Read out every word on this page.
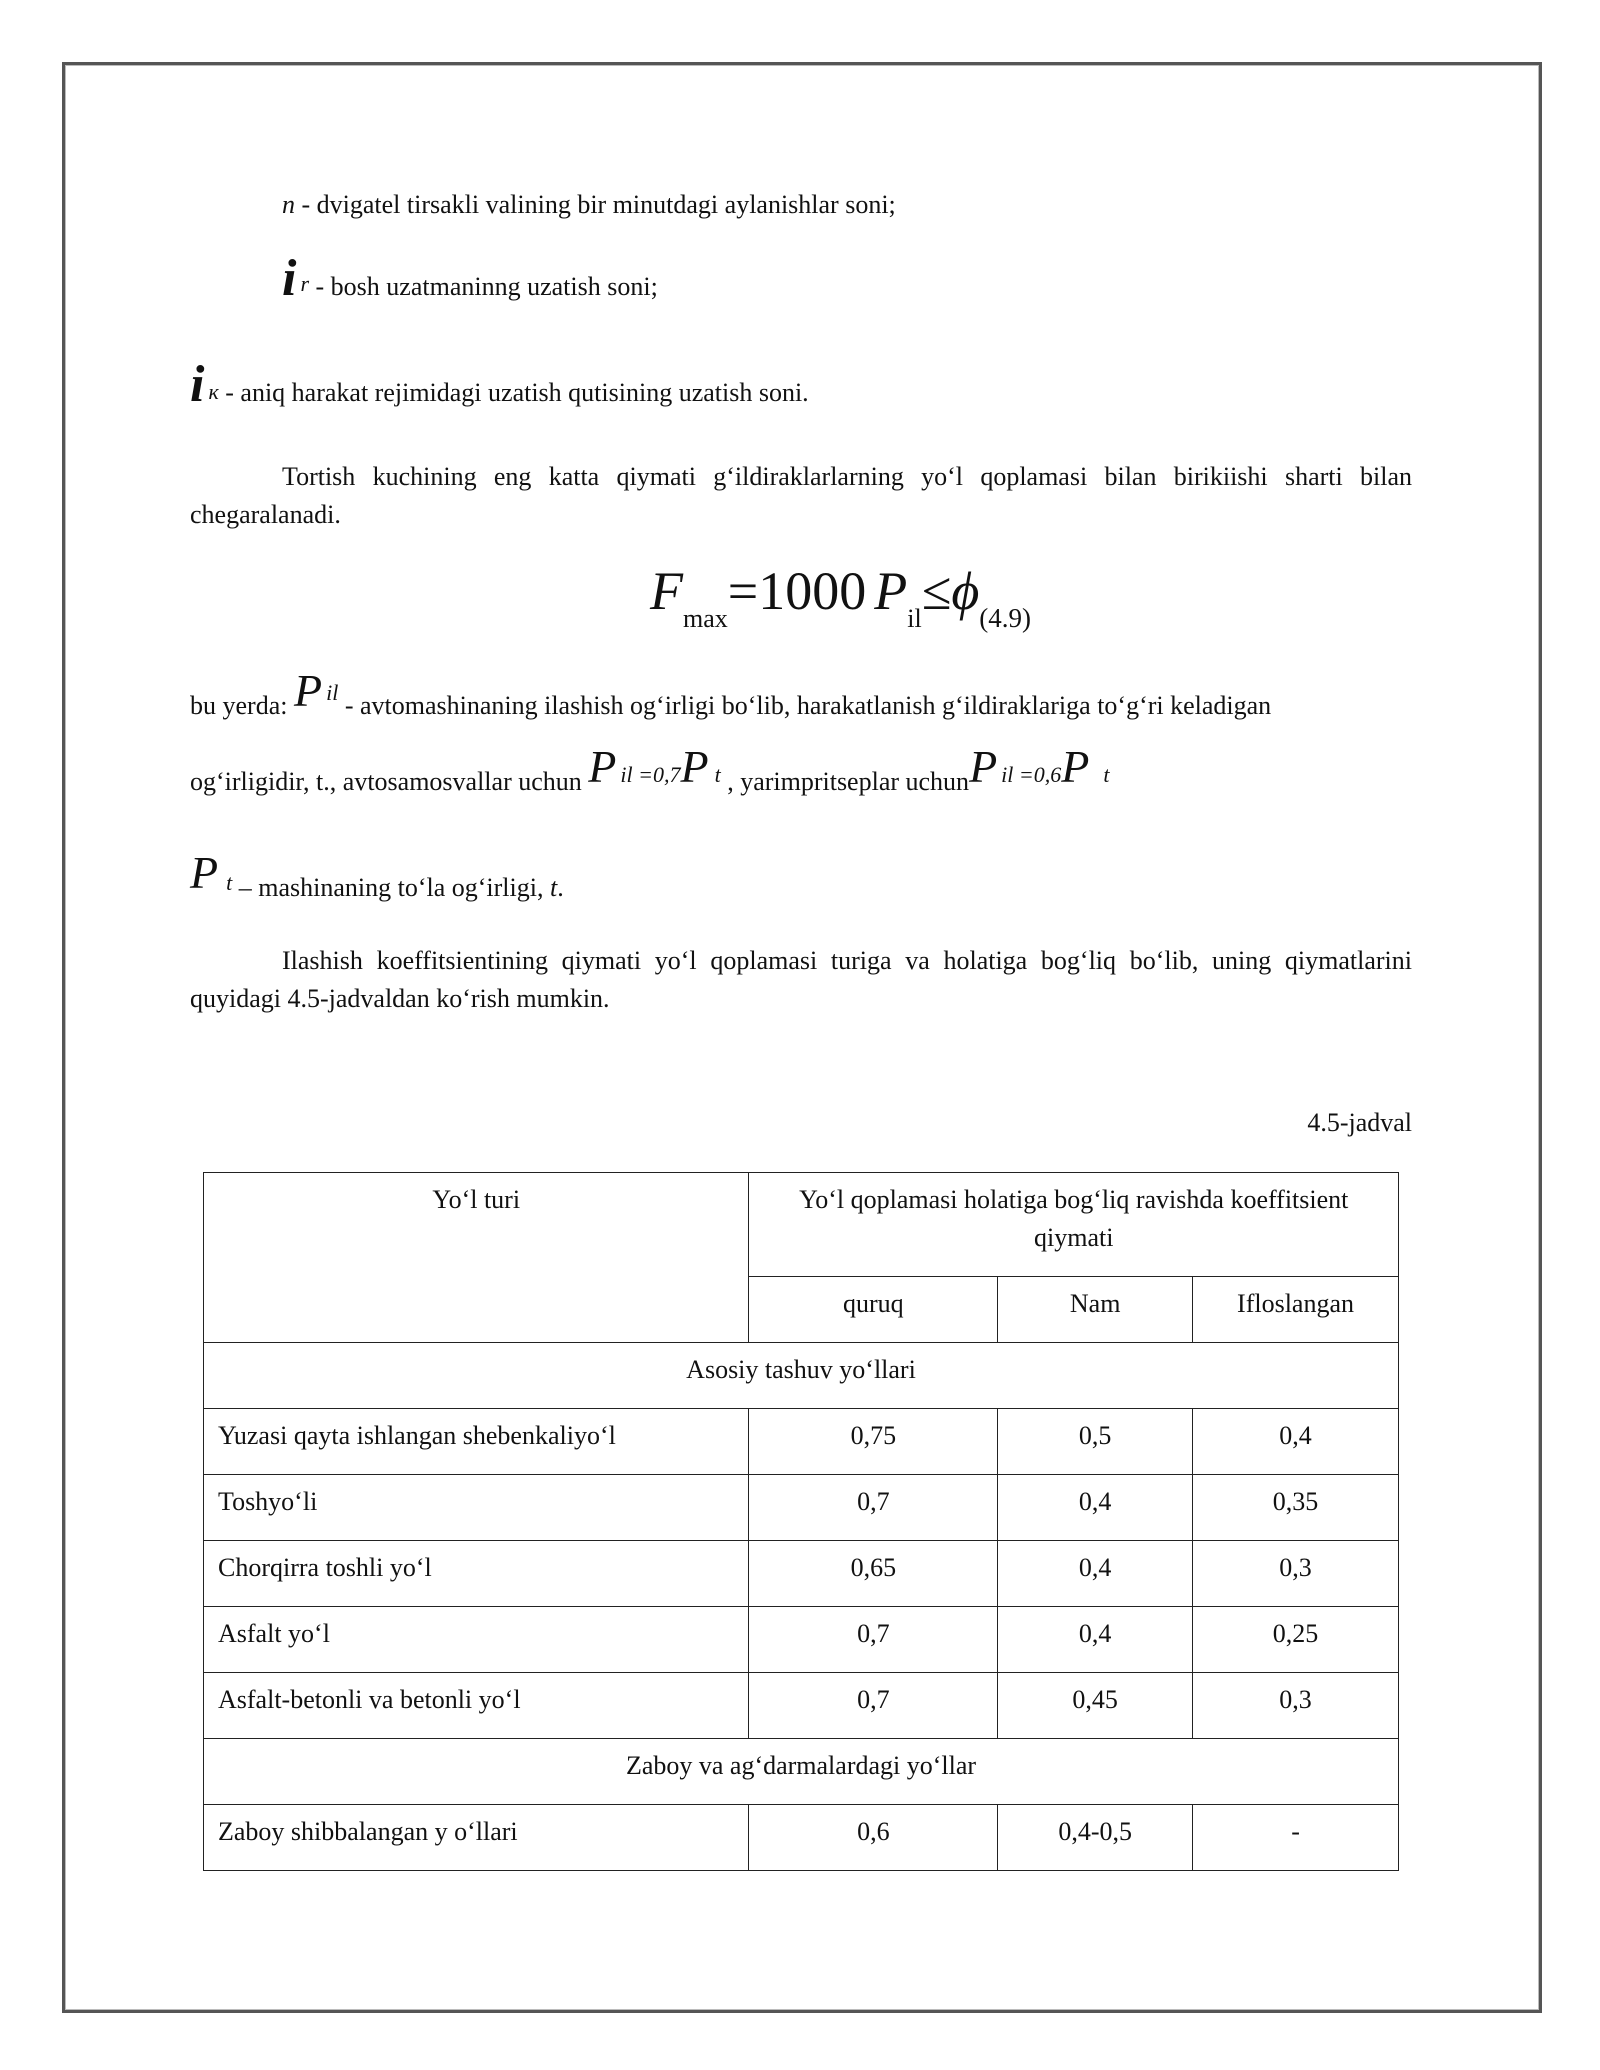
n - dvigatel tirsakli valining bir minutdagi aylanishlar soni;
ir - bosh uzatmaninng uzatish soni;
iк - aniq harakat rejimidagi uzatish qutisining uzatish soni.
Tortish kuchining eng katta qiymati g‘ildiraklarlarning yo‘l qoplamasi bilan birikiishi sharti bilan chegaralanadi.
$F_{max}=1000$ $P_{il}\le\phi_{(4.9)}$
bu yerda: P $^{il}$ - avtomashinaning ilashish og‘irligi bo‘lib, harakatlanish g‘ildiraklariga to‘g‘ri keladigan
og‘irligidir, t., avtosamosvallar uchun P $^{il =0,7}$P $^t$ , yarimpritseplar uchunP $^{il =0,6}$P $^t$
P $^t$ – mashinaning to‘la og‘irligi, t.
Ilashish koeffitsientining qiymati yo‘l qoplamasi turiga va holatiga bog‘liq bo‘lib, uning qiymatlarini quyidagi 4.5-jadvaldan ko‘rish mumkin.
4.5-jadval
Yo‘l turi	Yo‘l qoplamasi holatiga bog‘liq ravishda koeffitsient qiymati		
	quruq	Nam	Ifloslangan
Asosiy tashuv yo‘llari			
Yuzasi qayta ishlangan shebenkaliyo‘l	0,75	0,5	0,4
Toshyo‘li	0,7	0,4	0,35
Chorqirra toshli yo‘l	0,65	0,4	0,3
Asfalt yo‘l	0,7	0,4	0,25
Asfalt-betonli va betonli yo‘l	0,7	0,45	0,3
Zaboy va ag‘darmalardagi yo‘llar			
Zaboy shibbalangan y o‘llari	0,6	0,4-0,5	-
